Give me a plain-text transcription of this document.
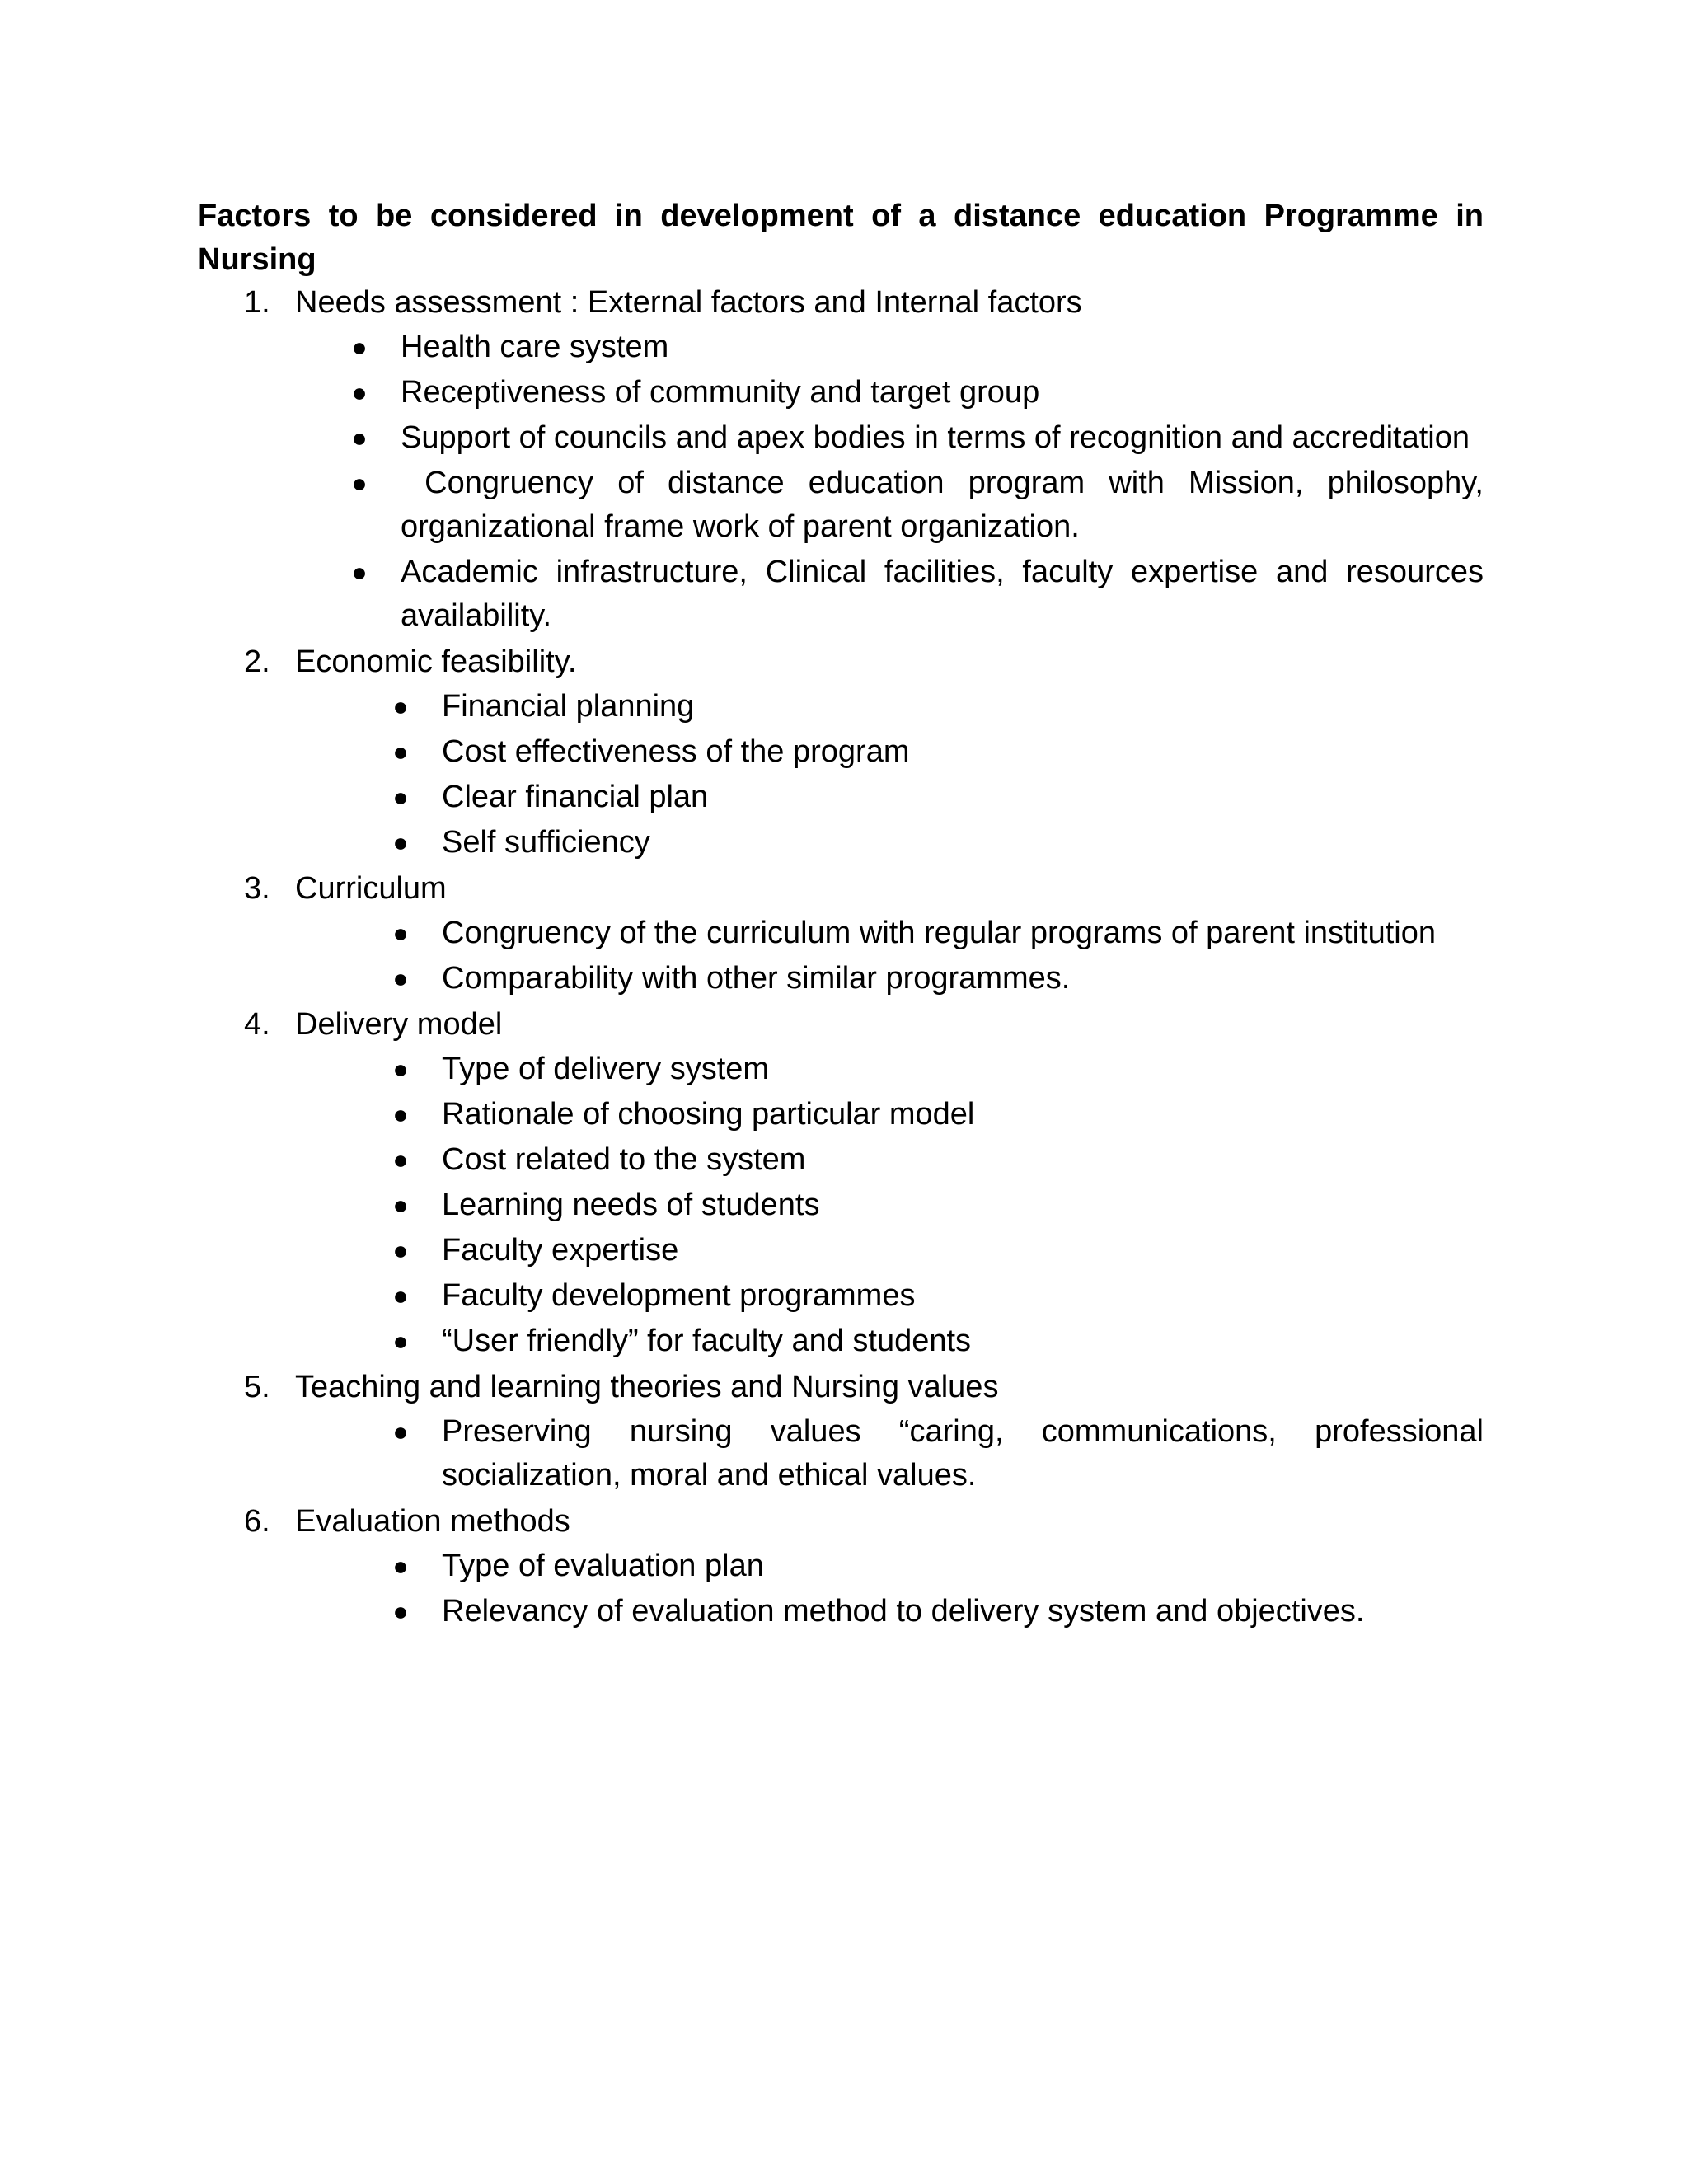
Factors to be considered in development of a distance education Programme in Nursing
1. Needs assessment : External factors and Internal factors
● Health care system
● Receptiveness of community and target group
● Support of councils and apex bodies in terms of recognition and accreditation
● Congruency of distance education program with Mission, philosophy, organizational frame work of parent organization.
● Academic infrastructure, Clinical facilities, faculty expertise and resources availability.
2. Economic feasibility.
● Financial planning
● Cost effectiveness of the program
● Clear financial plan
● Self sufficiency
3. Curriculum
● Congruency of the curriculum with regular programs of parent institution
● Comparability with other similar programmes.
4. Delivery model
● Type of delivery system
● Rationale of choosing particular model
● Cost related to the system
● Learning needs of students
● Faculty expertise
● Faculty development programmes
● “User friendly” for faculty and students
5. Teaching and learning theories and Nursing values
● Preserving nursing values “caring, communications, professional socialization, moral and ethical values.
6. Evaluation methods
● Type of evaluation plan
● Relevancy of evaluation method to delivery system and objectives.
